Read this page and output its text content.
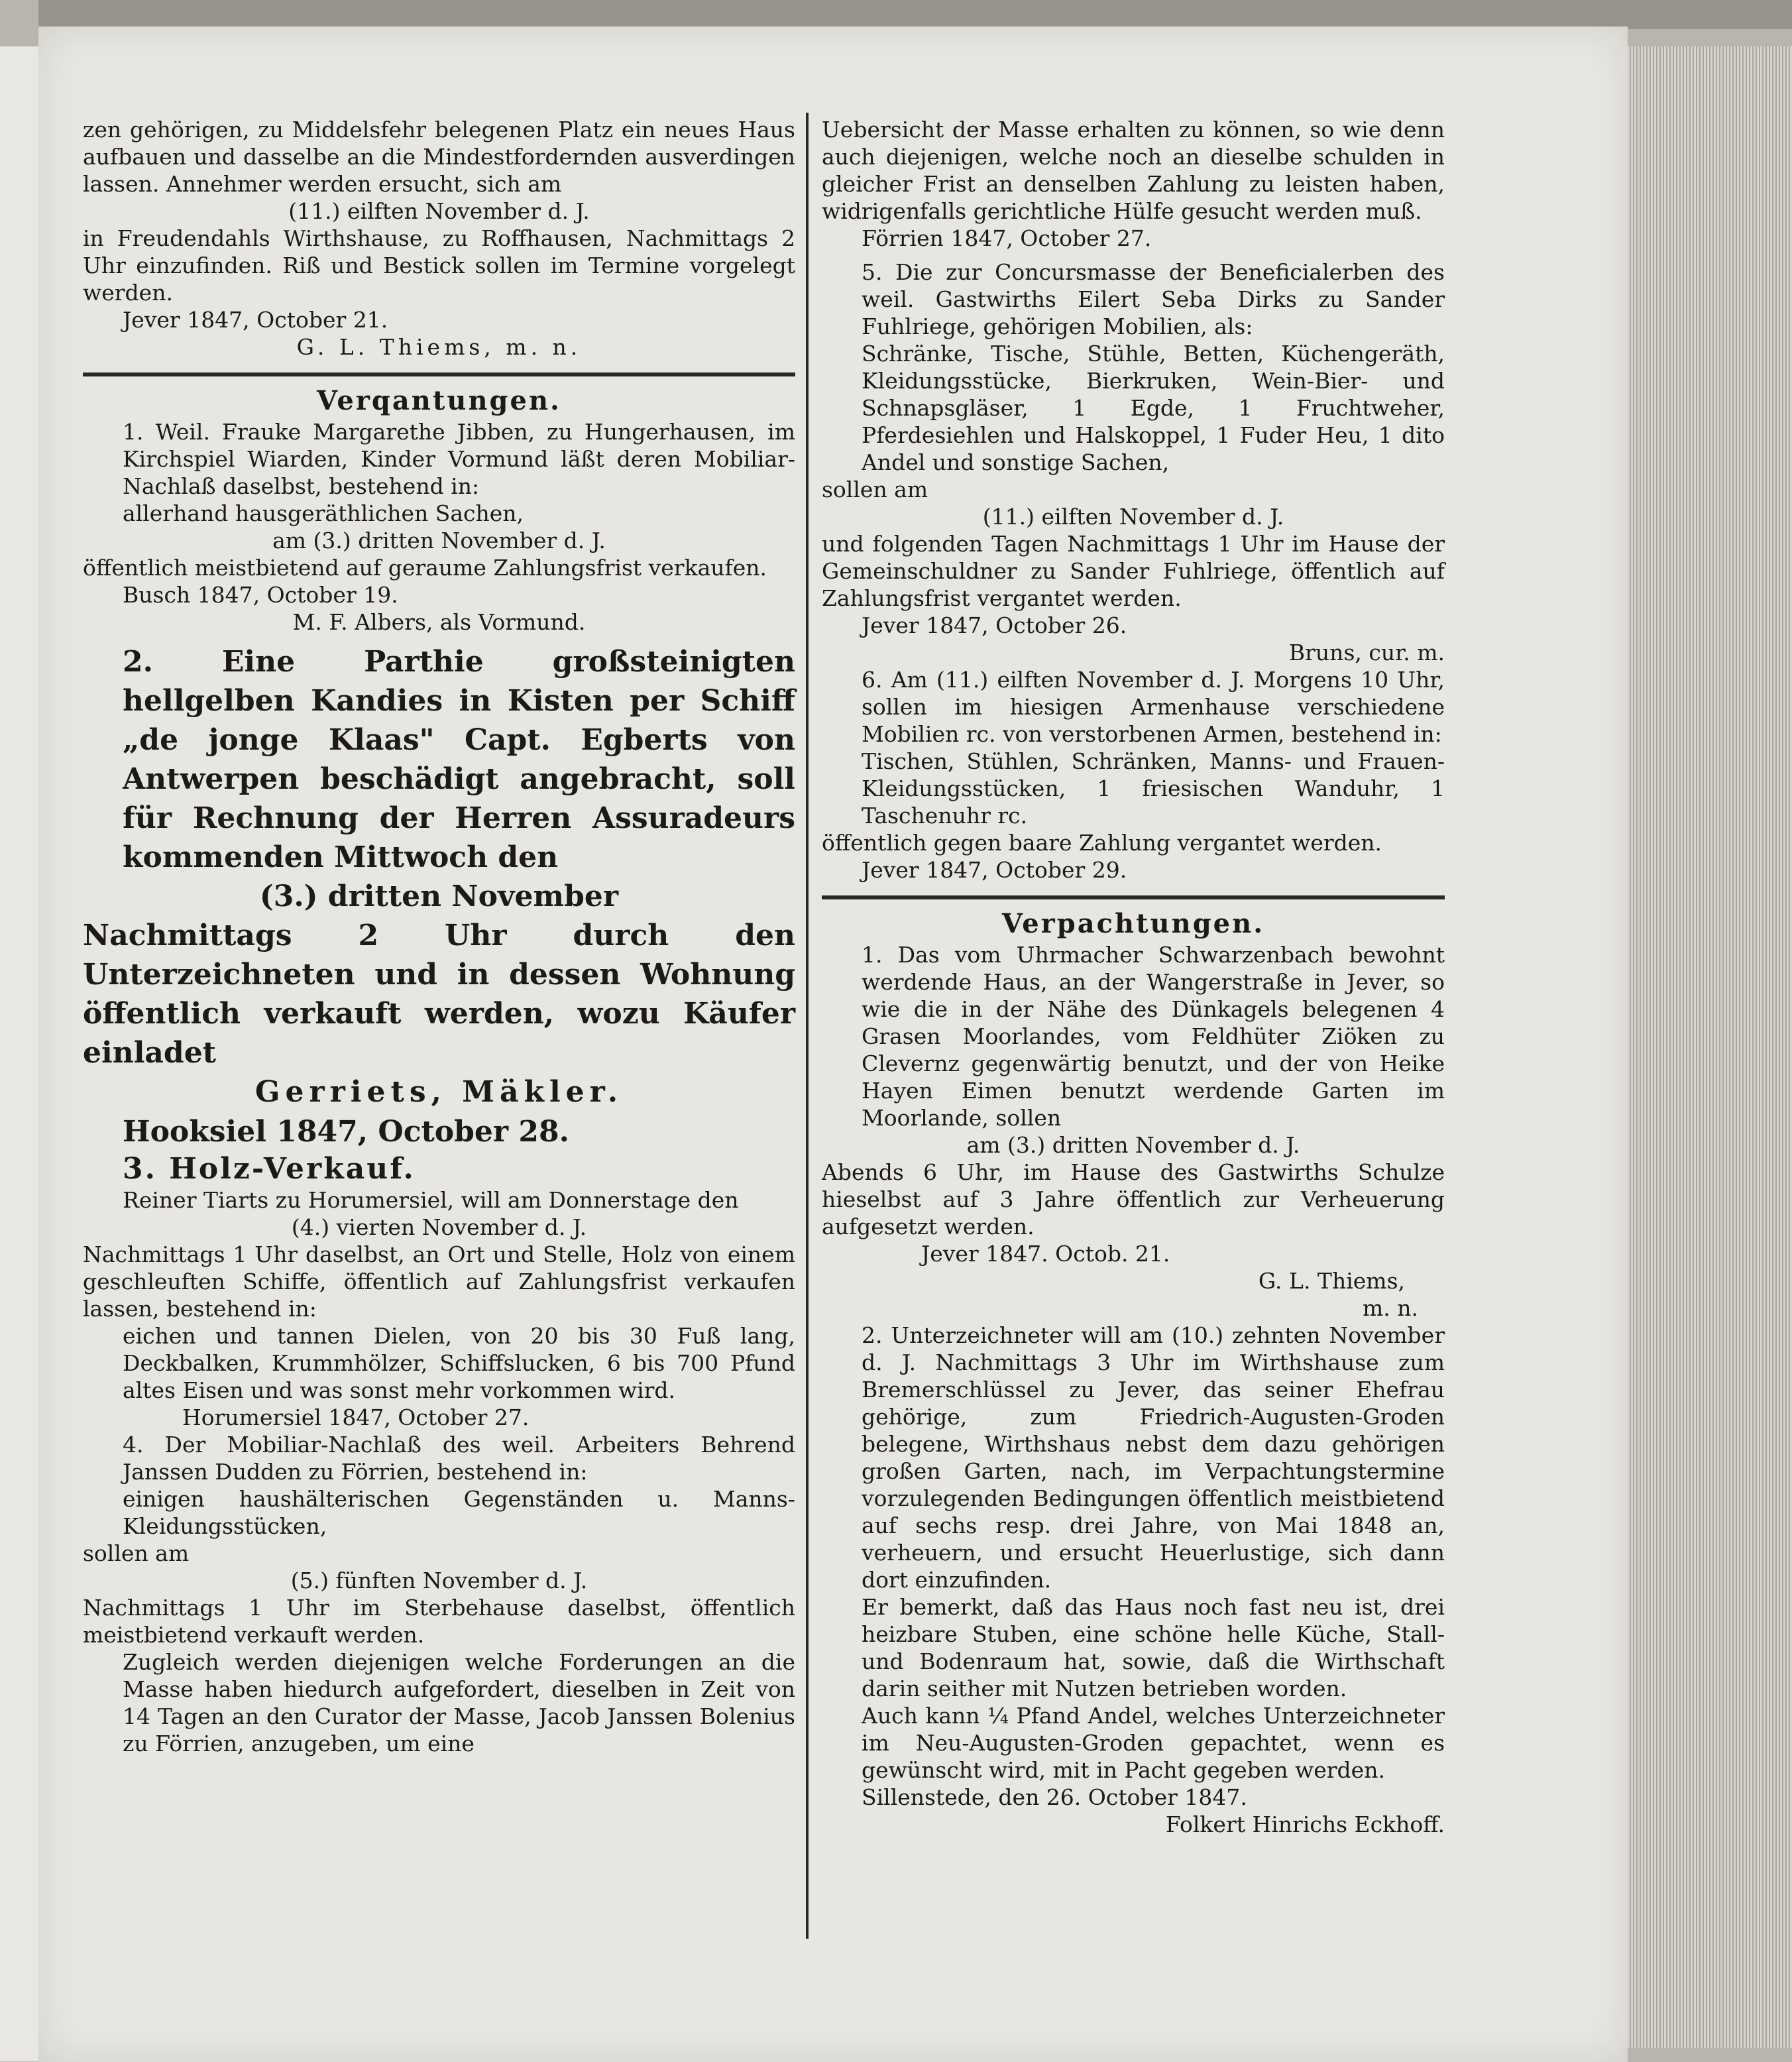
zen gehörigen, zu Middelsfehr belegenen Platz ein neues Haus aufbauen und dasselbe an die Mindestfordernden ausverdingen lassen. Annehmer werden ersucht, sich am

(11.) eilften November d. J.

in Freudendahls Wirthshause, zu Roffhausen, Nachmittags 2 Uhr einzufinden. Riß und Bestick sollen im Termine vorgelegt werden.

Jever 1847, October 21.

G. L. Thiems, m. n.

Verqantungen.

1. Weil. Frauke Margarethe Jibben, zu Hungerhausen, im Kirchspiel Wiarden, Kinder Vormund läßt deren Mobiliar-Nachlaß daselbst, bestehend in:

allerhand hausgeräthlichen Sachen,

am (3.) dritten November d. J.

öffentlich meistbietend auf geraume Zahlungsfrist verkaufen.

Busch 1847, October 19.

M. F. Albers, als Vormund.

2. Eine Parthie großsteinigten hellgelben Kandies in Kisten per Schiff „de jonge Klaas" Capt. Egberts von Antwerpen beschädigt angebracht, soll für Rechnung der Herren Assuradeurs kommenden Mittwoch den

(3.) dritten November

Nachmittags 2 Uhr durch den Unterzeichneten und in dessen Wohnung öffentlich verkauft werden, wozu Käufer einladet

Gerriets, Mäkler.

Hooksiel 1847, October 28.

3. Holz-Verkauf.

Reiner Tiarts zu Horumersiel, will am Donnerstage den

(4.) vierten November d. J.

Nachmittags 1 Uhr daselbst, an Ort und Stelle, Holz von einem geschleuften Schiffe, öffentlich auf Zahlungsfrist verkaufen lassen, bestehend in:

eichen und tannen Dielen, von 20 bis 30 Fuß lang, Deckbalken, Krummhölzer, Schiffslucken, 6 bis 700 Pfund altes Eisen und was sonst mehr vorkommen wird.

Horumersiel 1847, October 27.

4. Der Mobiliar-Nachlaß des weil. Arbeiters Behrend Janssen Dudden zu Förrien, bestehend in:

einigen haushälterischen Gegenständen u. Manns-Kleidungsstücken,

sollen am

(5.) fünften November d. J.

Nachmittags 1 Uhr im Sterbehause daselbst, öffentlich meistbietend verkauft werden.

Zugleich werden diejenigen welche Forderungen an die Masse haben hiedurch aufgefordert, dieselben in Zeit von 14 Tagen an den Curator der Masse, Jacob Janssen Bolenius zu Förrien, anzugeben, um eine

Uebersicht der Masse erhalten zu können, so wie denn auch diejenigen, welche noch an dieselbe schulden in gleicher Frist an denselben Zahlung zu leisten haben, widrigenfalls gerichtliche Hülfe gesucht werden muß.

Förrien 1847, October 27.

5. Die zur Concursmasse der Beneficialerben des weil. Gastwirths Eilert Seba Dirks zu Sander Fuhlriege, gehörigen Mobilien, als:

Schränke, Tische, Stühle, Betten, Küchengeräth, Kleidungsstücke, Bierkruken, Wein-Bier- und Schnapsgläser, 1 Egde, 1 Fruchtweher, Pferdesiehlen und Halskoppel, 1 Fuder Heu, 1 dito Andel und sonstige Sachen,

sollen am

(11.) eilften November d. J.

und folgenden Tagen Nachmittags 1 Uhr im Hause der Gemeinschuldner zu Sander Fuhlriege, öffentlich auf Zahlungsfrist vergantet werden.

Jever 1847, October 26.

Bruns, cur. m.

6. Am (11.) eilften November d. J. Morgens 10 Uhr, sollen im hiesigen Armenhause verschiedene Mobilien rc. von verstorbenen Armen, bestehend in:

Tischen, Stühlen, Schränken, Manns- und Frauen-Kleidungsstücken, 1 friesischen Wanduhr, 1 Taschenuhr rc.

öffentlich gegen baare Zahlung vergantet werden.

Jever 1847, October 29.

Verpachtungen.

1. Das vom Uhrmacher Schwarzenbach bewohnt werdende Haus, an der Wangerstraße in Jever, so wie die in der Nähe des Dünkagels belegenen 4 Grasen Moorlandes, vom Feldhüter Ziöken zu Clevernz gegenwärtig benutzt, und der von Heike Hayen Eimen benutzt werdende Garten im Moorlande, sollen

am (3.) dritten November d. J.

Abends 6 Uhr, im Hause des Gastwirths Schulze hieselbst auf 3 Jahre öffentlich zur Verheuerung aufgesetzt werden.

Jever 1847. Octob. 21.

G. L. Thiems,

m. n.

2. Unterzeichneter will am (10.) zehnten November d. J. Nachmittags 3 Uhr im Wirthshause zum Bremerschlüssel zu Jever, das seiner Ehefrau gehörige, zum Friedrich-Augusten-Groden belegene, Wirthshaus nebst dem dazu gehörigen großen Garten, nach, im Verpachtungstermine vorzulegenden Bedingungen öffentlich meistbietend auf sechs resp. drei Jahre, von Mai 1848 an, verheuern, und ersucht Heuerlustige, sich dann dort einzufinden.

Er bemerkt, daß das Haus noch fast neu ist, drei heizbare Stuben, eine schöne helle Küche, Stall- und Bodenraum hat, sowie, daß die Wirthschaft darin seither mit Nutzen betrieben worden.

Auch kann ¼ Pfand Andel, welches Unterzeichneter im Neu-Augusten-Groden gepachtet, wenn es gewünscht wird, mit in Pacht gegeben werden.

Sillenstede, den 26. October 1847.

Folkert Hinrichs Eckhoff.
